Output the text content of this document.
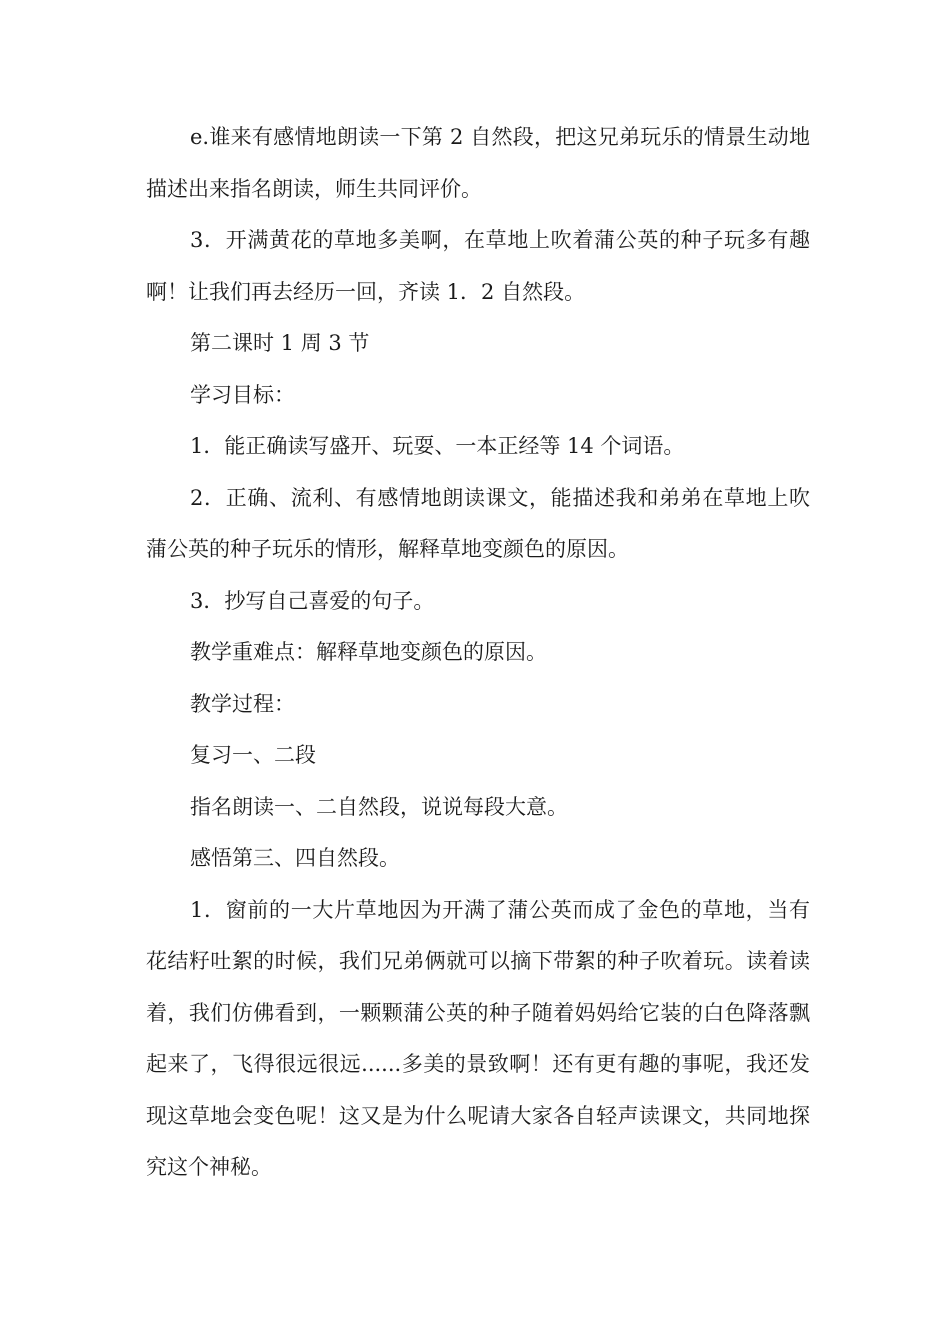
e.谁来有感情地朗读一下第 2 自然段，把这兄弟玩乐的情景生动地描述出来指名朗读，师生共同评价。

3．开满黄花的草地多美啊，在草地上吹着蒲公英的种子玩多有趣啊！让我们再去经历一回，齐读 1．2 自然段。

第二课时 1 周 3 节

学习目标：

1．能正确读写盛开、玩耍、一本正经等 14 个词语。

2．正确、流利、有感情地朗读课文，能描述我和弟弟在草地上吹蒲公英的种子玩乐的情形，解释草地变颜色的原因。

3．抄写自己喜爱的句子。

教学重难点：解释草地变颜色的原因。

教学过程：

复习一、二段

指名朗读一、二自然段，说说每段大意。

感悟第三、四自然段。

1．窗前的一大片草地因为开满了蒲公英而成了金色的草地，当有花结籽吐絮的时候，我们兄弟俩就可以摘下带絮的种子吹着玩。读着读着，我们仿佛看到，一颗颗蒲公英的种子随着妈妈给它装的白色降落飘起来了，飞得很远很远......多美的景致啊！还有更有趣的事呢，我还发现这草地会变色呢！这又是为什么呢请大家各自轻声读课文，共同地探究这个神秘。
